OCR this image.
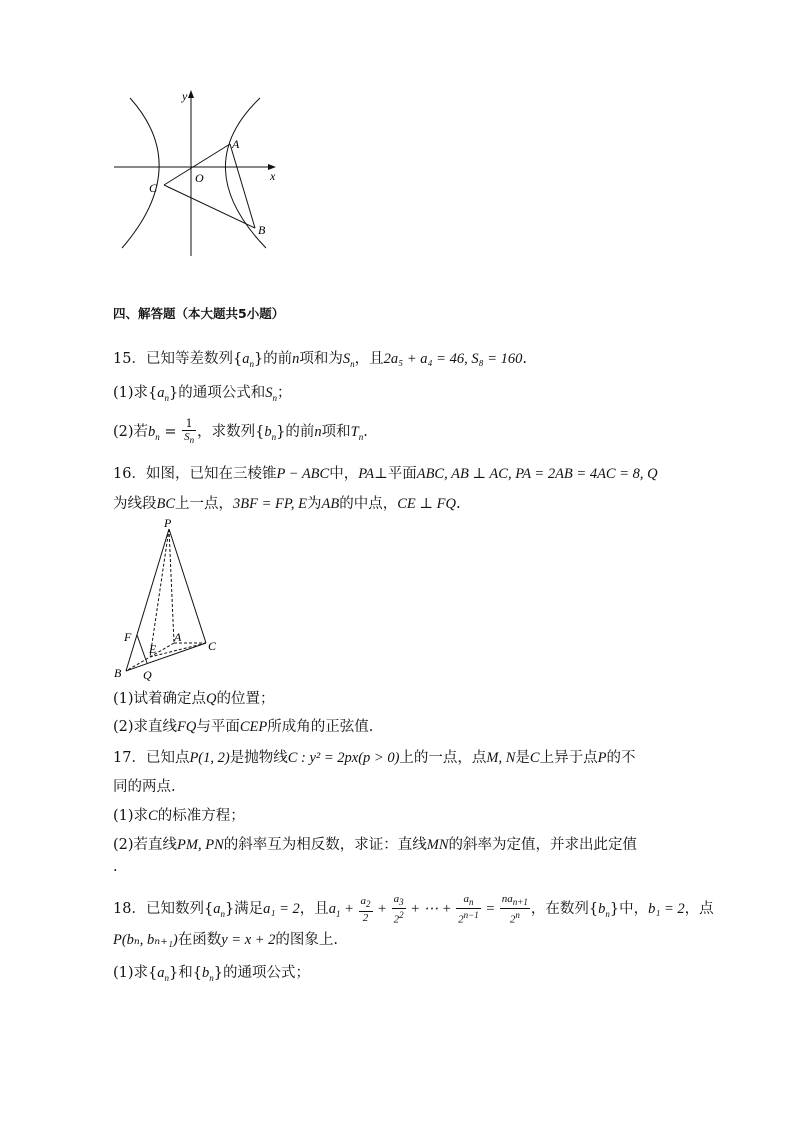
y
x
O
A
B
C
四、解答题（本大题共5小题）
15．已知等差数列$\{a_n\}$的前n项和为$S_n$，且2a₅ + a₄ = 46, S₈ = 160.
(1)求$\{a_n\}$的通项公式和$S_n$；
(2)若$b_n = \frac{1}{S_n}$ ，求数列$\{b_n\}$的前n项和$T_n$.
16．如图，已知在三棱锥P − ABC中，PA⊥平面ABC, AB ⊥ AC, PA = 2AB = 4AC = 8, Q
为线段BC上一点，3BF = FP, E为AB的中点，CE ⊥ FQ.
P
F
E
A
C
B Q
(1)试着确定点Q的位置；
(2)求直线FQ与平面CEP所成角的正弦值.
17．已知点P(1, 2)是抛物线C : y² = 2px(p > 0)上的一点，点M, N是C上异于点P的不
同的两点.
(1)求C的标准方程；
(2)若直线PM, PN的斜率互为相反数，求证：直线MN的斜率为定值，并求出此定值
.
18．已知数列$\{a_n\}$满足a₁ = 2，且$a_1 + \frac{a_2}{2} + \frac{a_3}{2^2}$ + ⋯ + $\frac{a_n}{2^{n-1}} = \frac{na_{n+1}}{2^n}$ ，在数列$\{b_n\}$中，b₁ = 2，点
P(bₙ, bₙ₊₁)在函数y = x + 2的图象上.
(1)求$\{a_n\}$和$\{b_n\}$的通项公式；
